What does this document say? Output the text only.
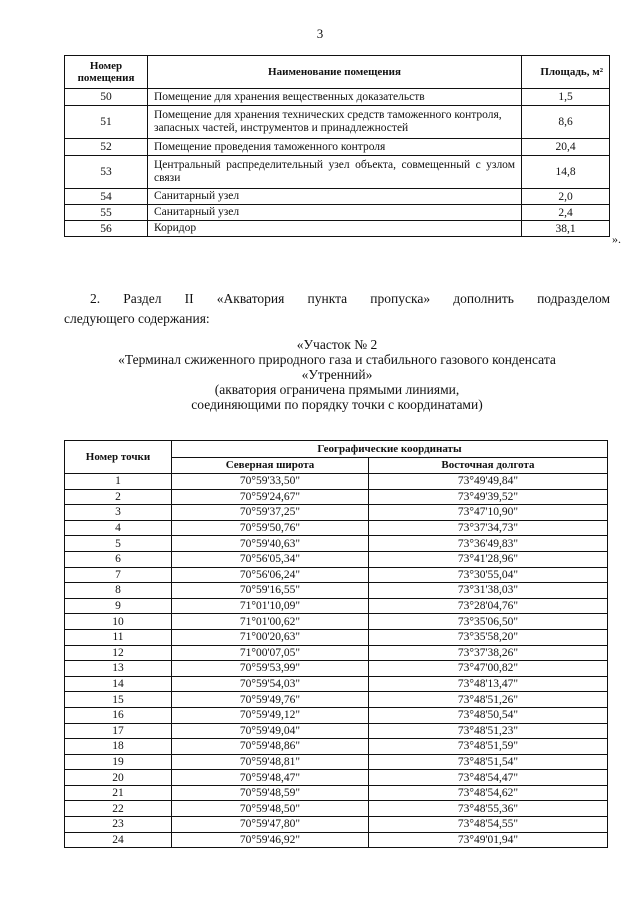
3
Номер помещения	Наименование помещения	Площадь, м²
50	Помещение для хранения вещественных доказательств	1,5
51	Помещение для хранения технических средств таможенного контроля, запасных частей, инструментов и принадлежностей	8,6
52	Помещение проведения таможенного контроля	20,4
53	Центральный распределительный узел объекта, совмещенный с узлом связи	14,8
54	Санитарный узел	2,0
55	Санитарный узел	2,4
56	Коридор	38,1
».
2. Раздел II «Акватория пункта пропуска» дополнить подразделом
следующего содержания:
«Участок № 2
«Терминал сжиженного природного газа и стабильного газового конденсата
«Утренний»
(акватория ограничена прямыми линиями,
соединяющими по порядку точки с координатами)
Номер точки	Географические координаты	
	Северная широта	Восточная долгота
1	70°59'33,50"	73°49'49,84"
2	70°59'24,67"	73°49'39,52"
3	70°59'37,25"	73°47'10,90"
4	70°59'50,76"	73°37'34,73"
5	70°59'40,63"	73°36'49,83"
6	70°56'05,34"	73°41'28,96"
7	70°56'06,24"	73°30'55,04"
8	70°59'16,55"	73°31'38,03"
9	71°01'10,09"	73°28'04,76"
10	71°01'00,62"	73°35'06,50"
11	71°00'20,63"	73°35'58,20"
12	71°00'07,05"	73°37'38,26"
13	70°59'53,99"	73°47'00,82"
14	70°59'54,03"	73°48'13,47"
15	70°59'49,76"	73°48'51,26"
16	70°59'49,12"	73°48'50,54"
17	70°59'49,04"	73°48'51,23"
18	70°59'48,86"	73°48'51,59"
19	70°59'48,81"	73°48'51,54"
20	70°59'48,47"	73°48'54,47"
21	70°59'48,59"	73°48'54,62"
22	70°59'48,50"	73°48'55,36"
23	70°59'47,80"	73°48'54,55"
24	70°59'46,92"	73°49'01,94"
